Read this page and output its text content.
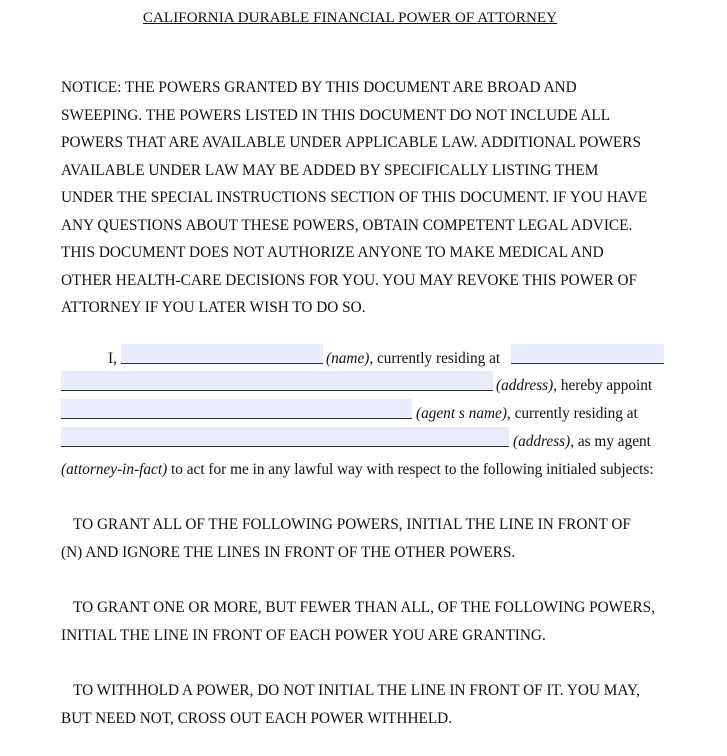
CALIFORNIA DURABLE FINANCIAL POWER OF ATTORNEY
NOTICE: THE POWERS GRANTED BY THIS DOCUMENT ARE BROAD AND
SWEEPING. THE POWERS LISTED IN THIS DOCUMENT DO NOT INCLUDE ALL
POWERS THAT ARE AVAILABLE UNDER APPLICABLE LAW. ADDITIONAL POWERS
AVAILABLE UNDER LAW MAY BE ADDED BY SPECIFICALLY LISTING THEM
UNDER THE SPECIAL INSTRUCTIONS SECTION OF THIS DOCUMENT. IF YOU HAVE
ANY QUESTIONS ABOUT THESE POWERS, OBTAIN COMPETENT LEGAL ADVICE.
THIS DOCUMENT DOES NOT AUTHORIZE ANYONE TO MAKE MEDICAL AND
OTHER HEALTH-CARE DECISIONS FOR YOU. YOU MAY REVOKE THIS POWER OF
ATTORNEY IF YOU LATER WISH TO DO SO.
I,	(name), currently residing at
(address), hereby appoint
(agent s name), currently residing at
(address), as my agent
(attorney-in-fact) to act for me in any lawful way with respect to the following initialed subjects:
TO GRANT ALL OF THE FOLLOWING POWERS, INITIAL THE LINE IN FRONT OF
(N) AND IGNORE THE LINES IN FRONT OF THE OTHER POWERS.
TO GRANT ONE OR MORE, BUT FEWER THAN ALL, OF THE FOLLOWING POWERS,
INITIAL THE LINE IN FRONT OF EACH POWER YOU ARE GRANTING.
TO WITHHOLD A POWER, DO NOT INITIAL THE LINE IN FRONT OF IT. YOU MAY,
BUT NEED NOT, CROSS OUT EACH POWER WITHHELD.
